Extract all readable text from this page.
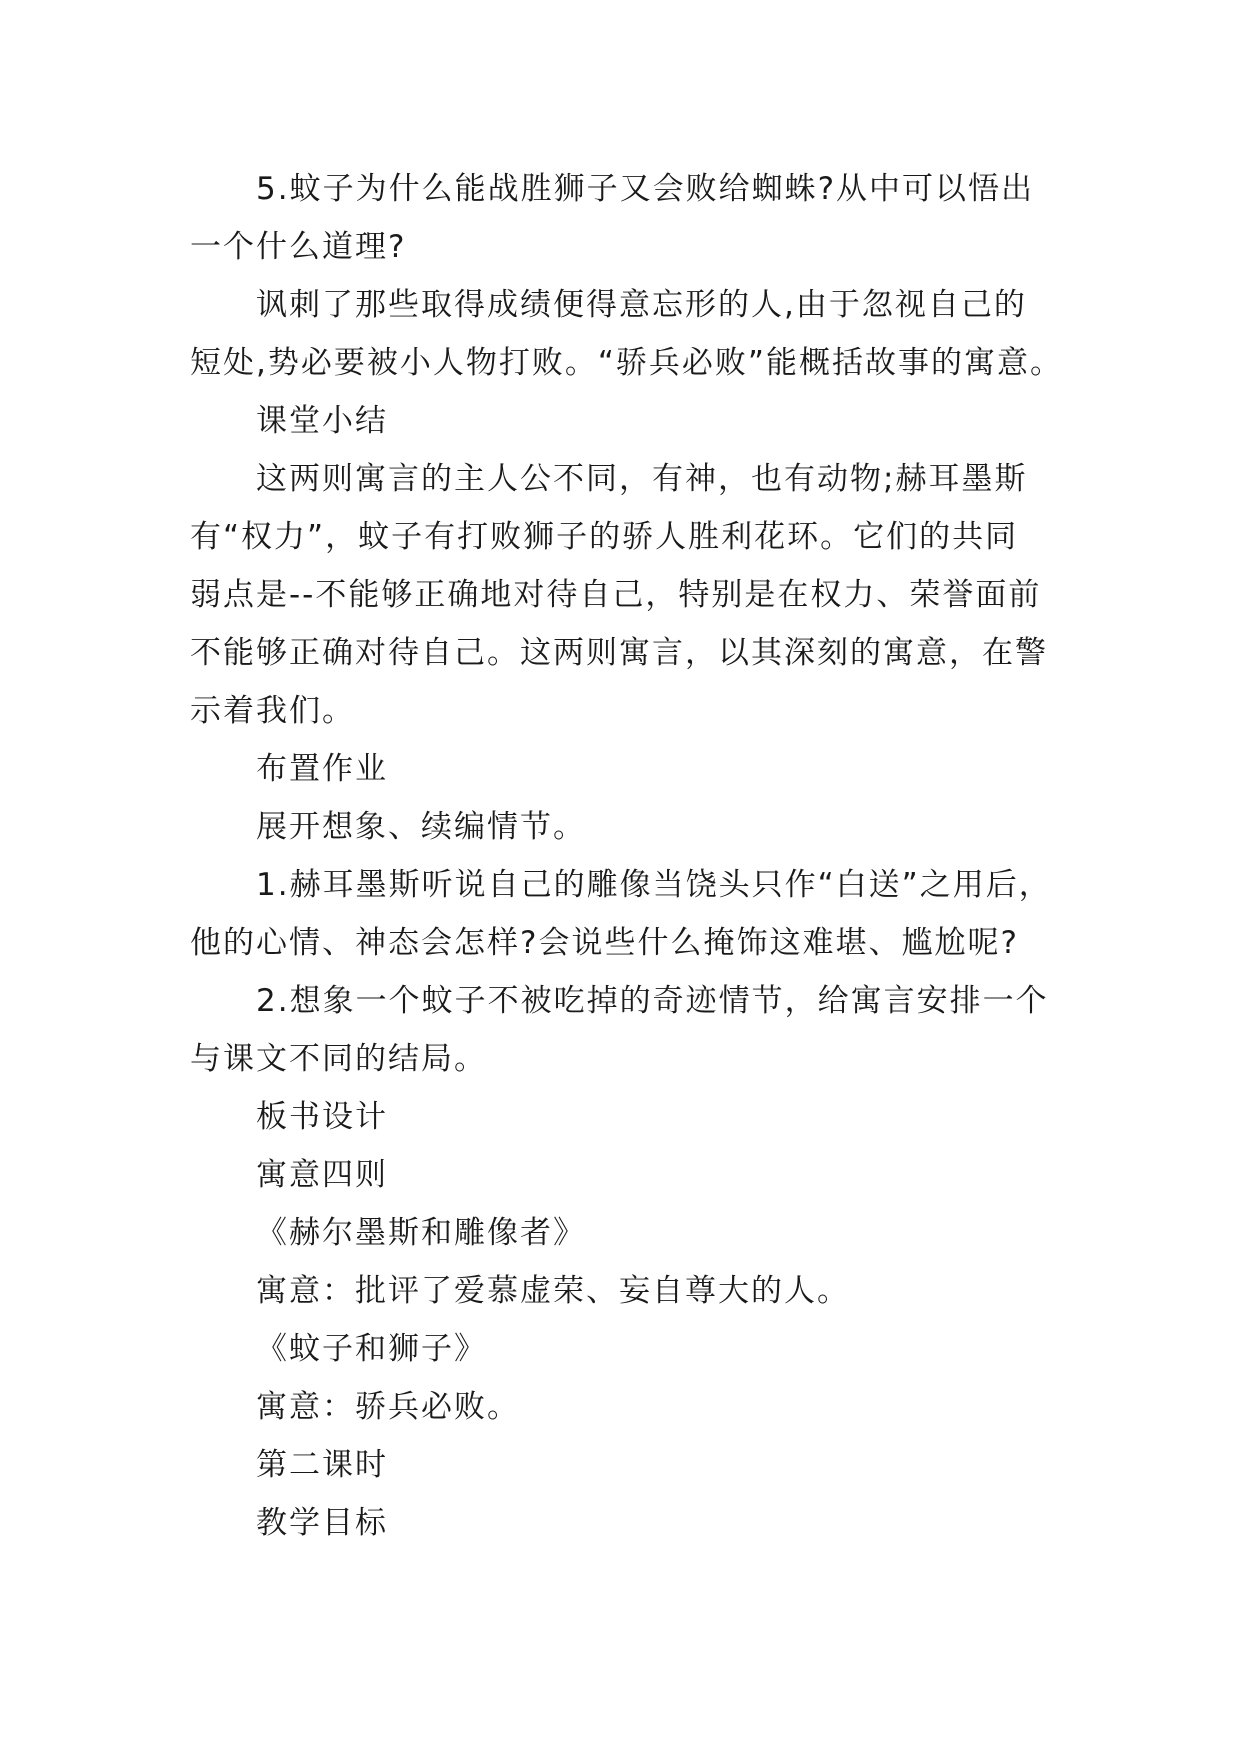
5.蚊子为什么能战胜狮子又会败给蜘蛛?从中可以悟出
一个什么道理?
讽刺了那些取得成绩便得意忘形的人,由于忽视自己的
短处,势必要被小人物打败。“骄兵必败”能概括故事的寓意。
课堂小结
这两则寓言的主人公不同，有神，也有动物;赫耳墨斯
有“权力”，蚊子有打败狮子的骄人胜利花环。它们的共同
弱点是--不能够正确地对待自己，特别是在权力、荣誉面前
不能够正确对待自己。这两则寓言，以其深刻的寓意，在警
示着我们。
布置作业
展开想象、续编情节。
1.赫耳墨斯听说自己的雕像当饶头只作“白送”之用后，
他的心情、神态会怎样?会说些什么掩饰这难堪、尴尬呢?
2.想象一个蚊子不被吃掉的奇迹情节，给寓言安排一个
与课文不同的结局。
板书设计
寓意四则
《赫尔墨斯和雕像者》
寓意：批评了爱慕虚荣、妄自尊大的人。
《蚊子和狮子》
寓意：骄兵必败。
第二课时
教学目标
